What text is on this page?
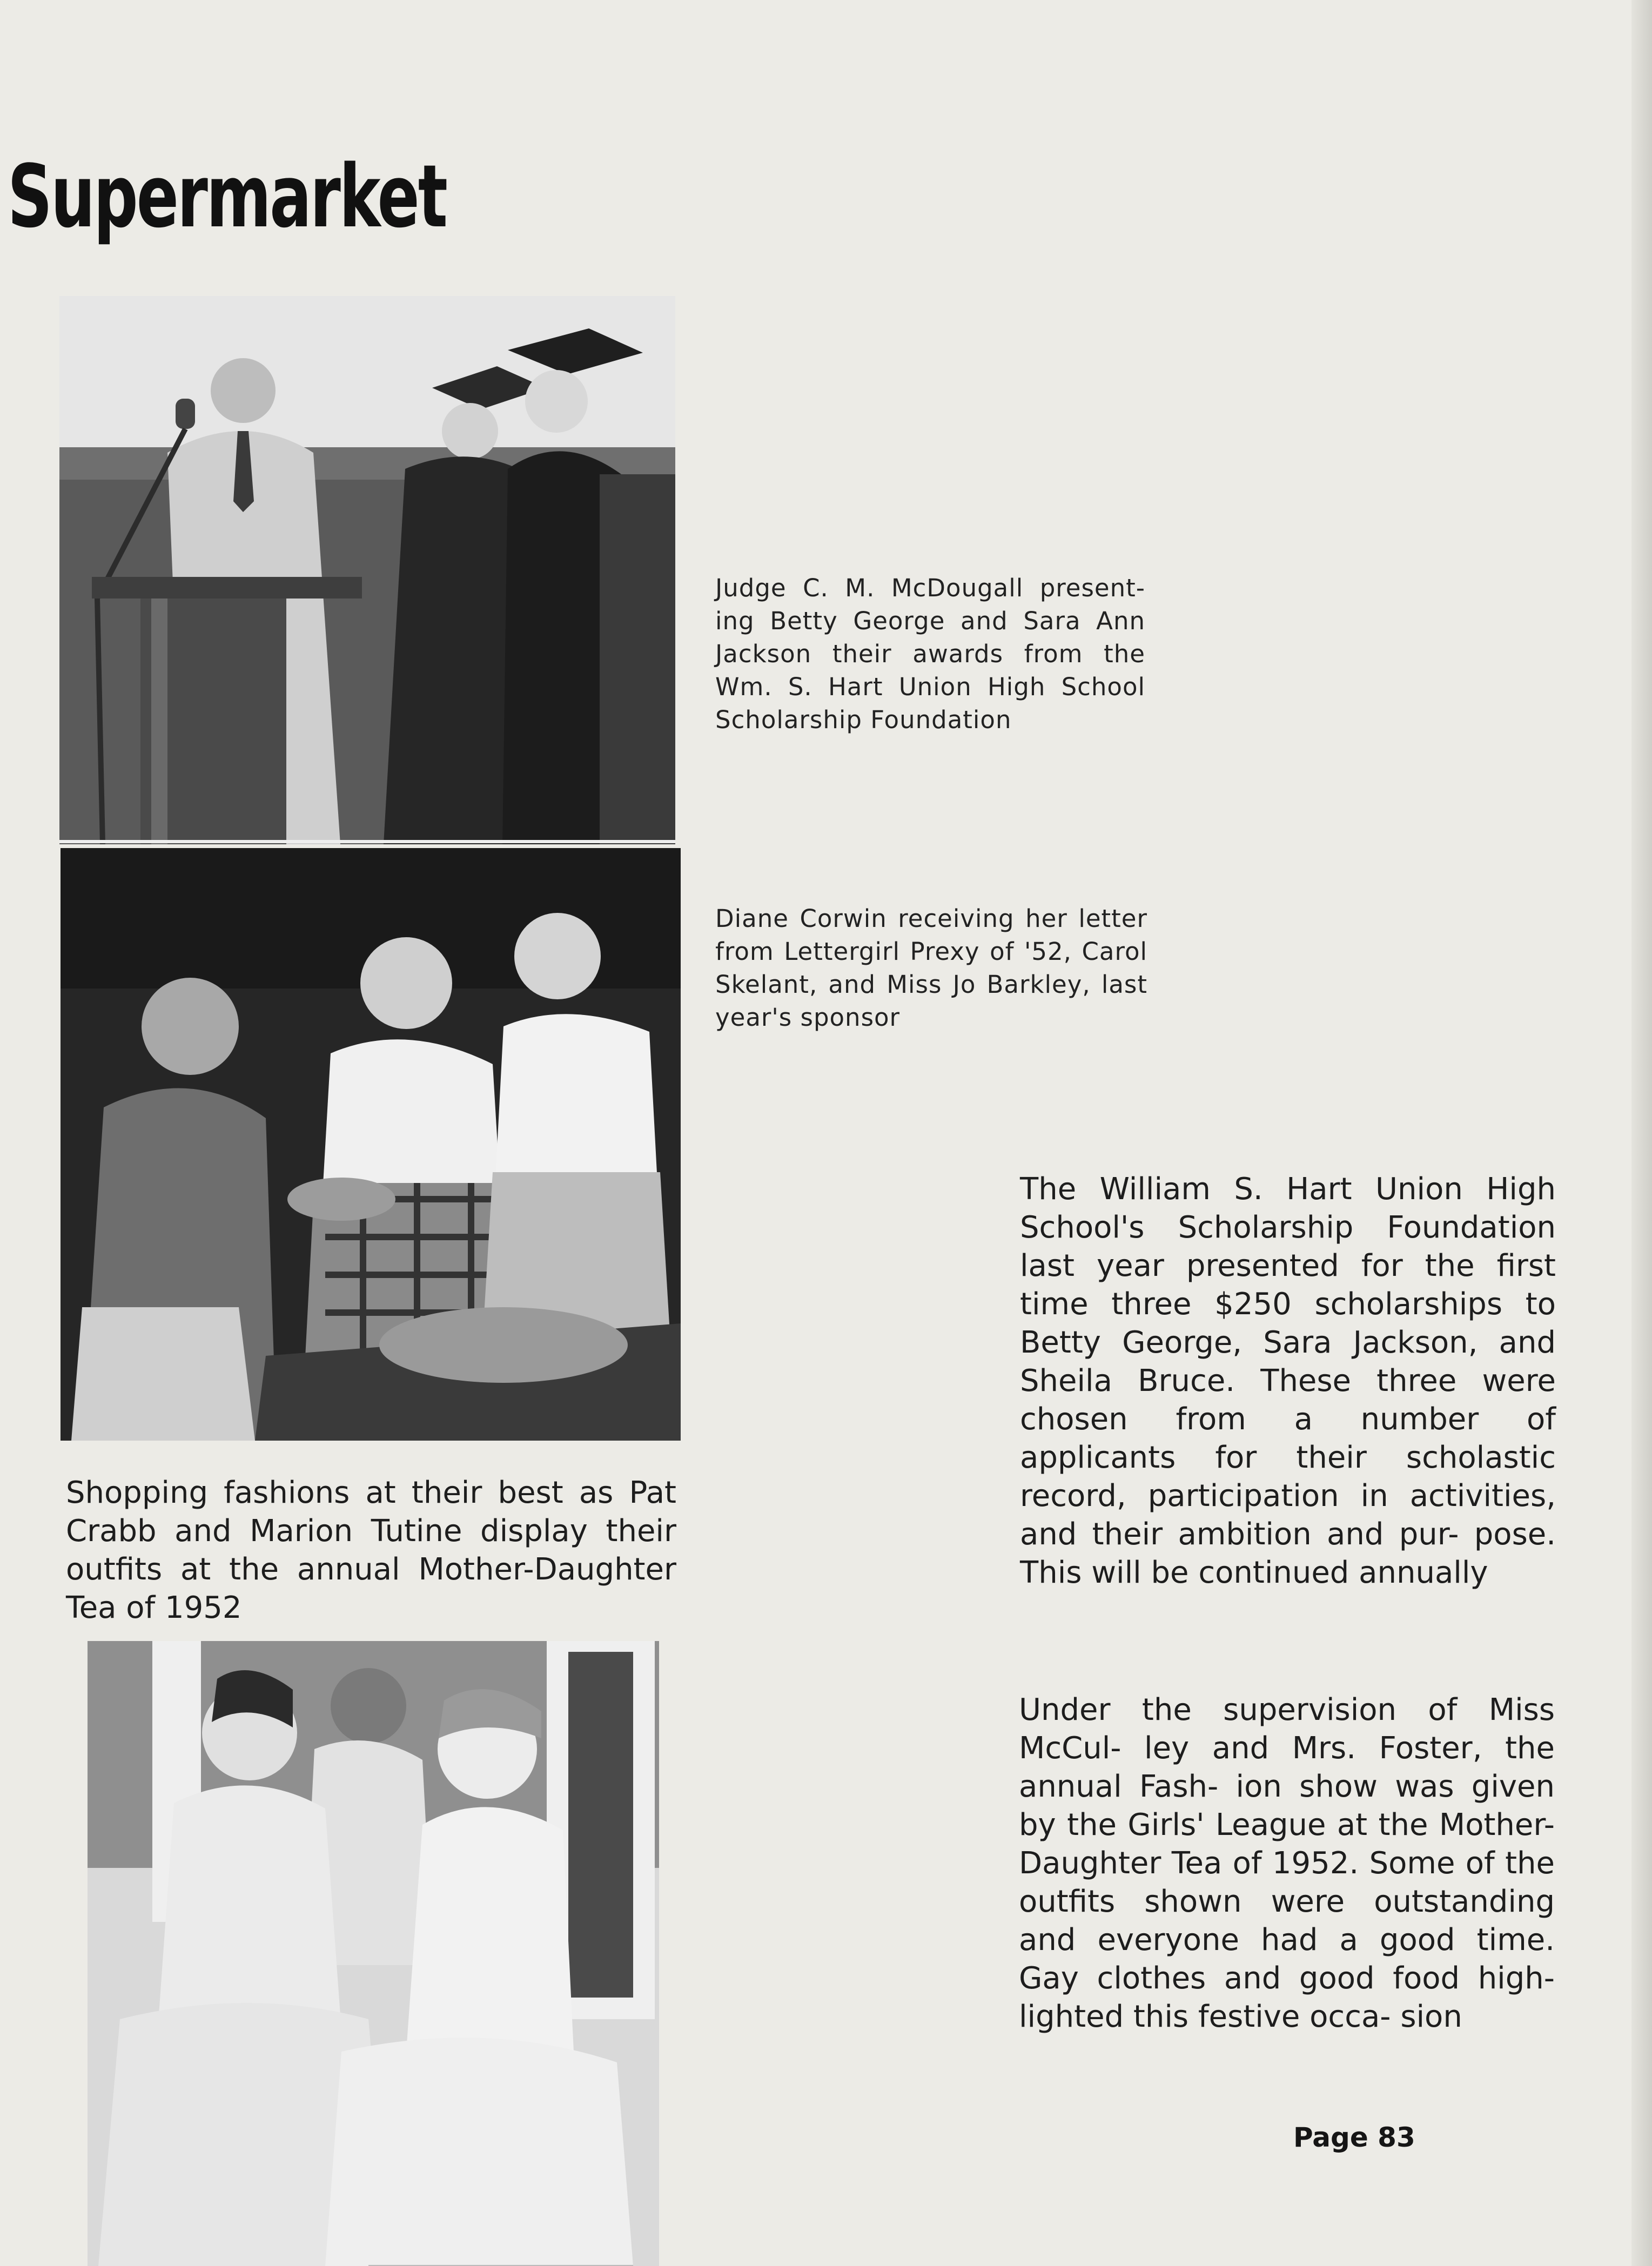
Supermarket

Judge C. M. McDougall present- ing Betty George and Sara Ann Jackson their awards from the Wm. S. Hart Union High School Scholarship Foundation

Diane Corwin receiving her letter from Lettergirl Prexy of '52, Carol Skelant, and Miss Jo Barkley, last year's sponsor

The William S. Hart Union High School's Scholarship Foundation last year presented for the first time three $250 scholarships to Betty George, Sara Jackson, and Sheila Bruce. These three were chosen from a number of applicants for their scholastic record, participation in activities, and their ambition and pur- pose. This will be continued annually

Shopping fashions at their best as Pat Crabb and Marion Tutine display their outfits at the annual Mother-Daughter Tea of 1952

Under the supervision of Miss McCul- ley and Mrs. Foster, the annual Fash- ion show was given by the Girls' League at the Mother-Daughter Tea of 1952. Some of the outfits shown were outstanding and everyone had a good time. Gay clothes and good food high-lighted this festive occa- sion

Page 83
